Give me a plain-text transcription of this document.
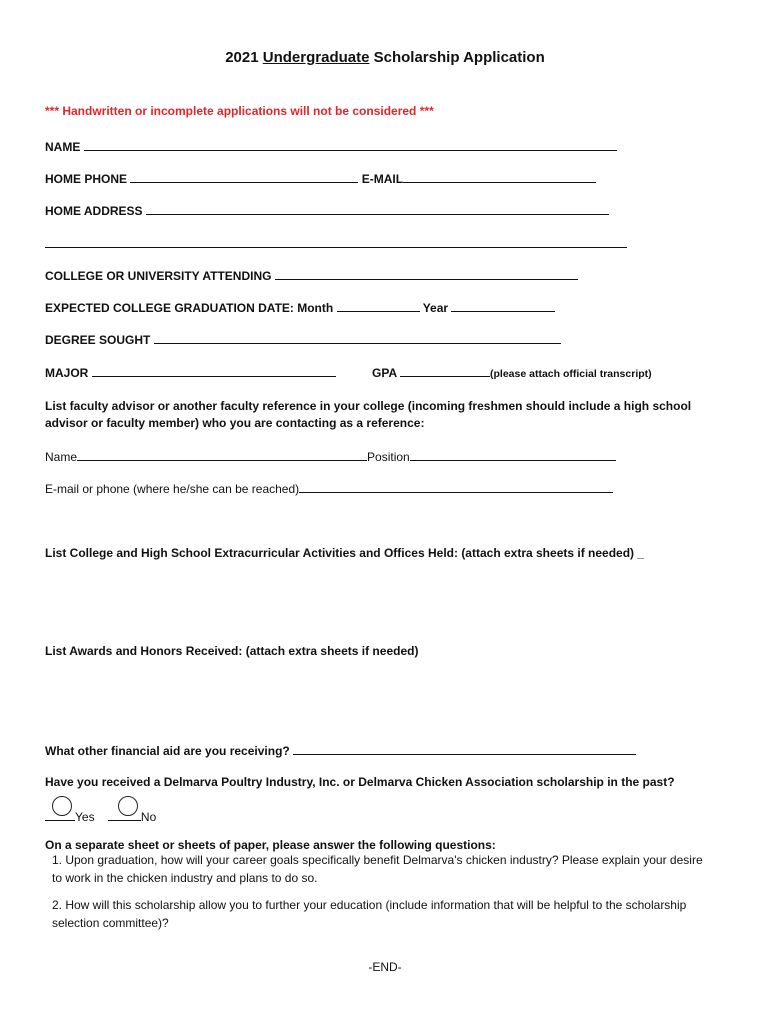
2021 Undergraduate Scholarship Application
*** Handwritten or incomplete applications will not be considered ***
NAME
HOME PHONE	E-MAIL
HOME ADDRESS
COLLEGE OR UNIVERSITY ATTENDING
EXPECTED COLLEGE GRADUATION DATE: Month	Year
DEGREE SOUGHT
MAJOR	GPA	(please attach official transcript)
List faculty advisor or another faculty reference in your college (incoming freshmen should include a high school advisor or faculty member) who you are contacting as a reference:
Name	Position
E-mail or phone (where he/she can be reached)
List College and High School Extracurricular Activities and Offices Held: (attach extra sheets if needed) _
List Awards and Honors Received: (attach extra sheets if needed)
What other financial aid are you receiving?
Have you received a Delmarva Poultry Industry, Inc. or Delmarva Chicken Association scholarship in the past?
Yes	No
On a separate sheet or sheets of paper, please answer the following questions:
1. Upon graduation, how will your career goals specifically benefit Delmarva's chicken industry? Please explain your desire to work in the chicken industry and plans to do so.
2. How will this scholarship allow you to further your education (include information that will be helpful to the scholarship selection committee)?
-END-
